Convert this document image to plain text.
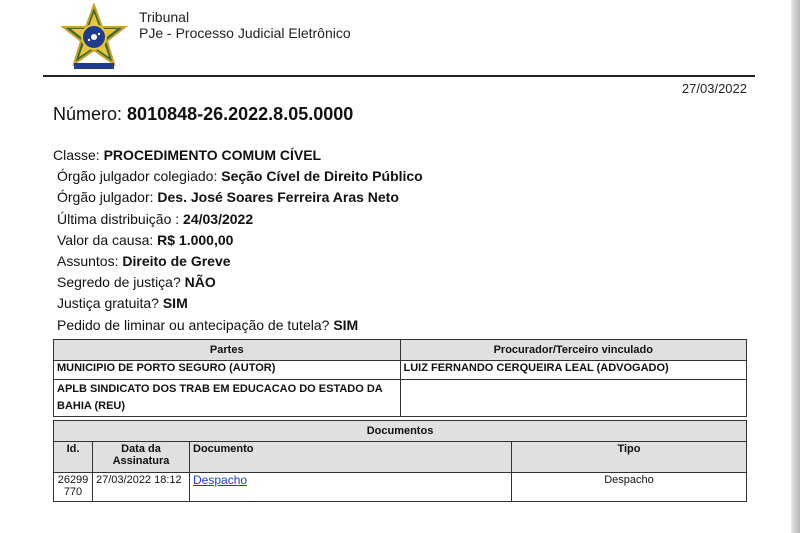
Tribunal
PJe - Processo Judicial Eletrônico
27/03/2022
Número: 8010848-26.2022.8.05.0000
Classe: PROCEDIMENTO COMUM CÍVEL
Órgão julgador colegiado: Seção Cível de Direito Público
Órgão julgador: Des. José Soares Ferreira Aras Neto
Última distribuição : 24/03/2022
Valor da causa: R$ 1.000,00
Assuntos: Direito de Greve
Segredo de justiça? NÃO
Justiça gratuita? SIM
Pedido de liminar ou antecipação de tutela? SIM
Partes	Procurador/Terceiro vinculado
MUNICIPIO DE PORTO SEGURO (AUTOR)	LUIZ FERNANDO CERQUEIRA LEAL (ADVOGADO)
APLB SINDICATO DOS TRAB EM EDUCACAO DO ESTADO DA BAHIA (REU)	
Documentos			
Id.	Data da Assinatura	Documento	Tipo
26299770	27/03/2022 18:12	Despacho	Despacho
